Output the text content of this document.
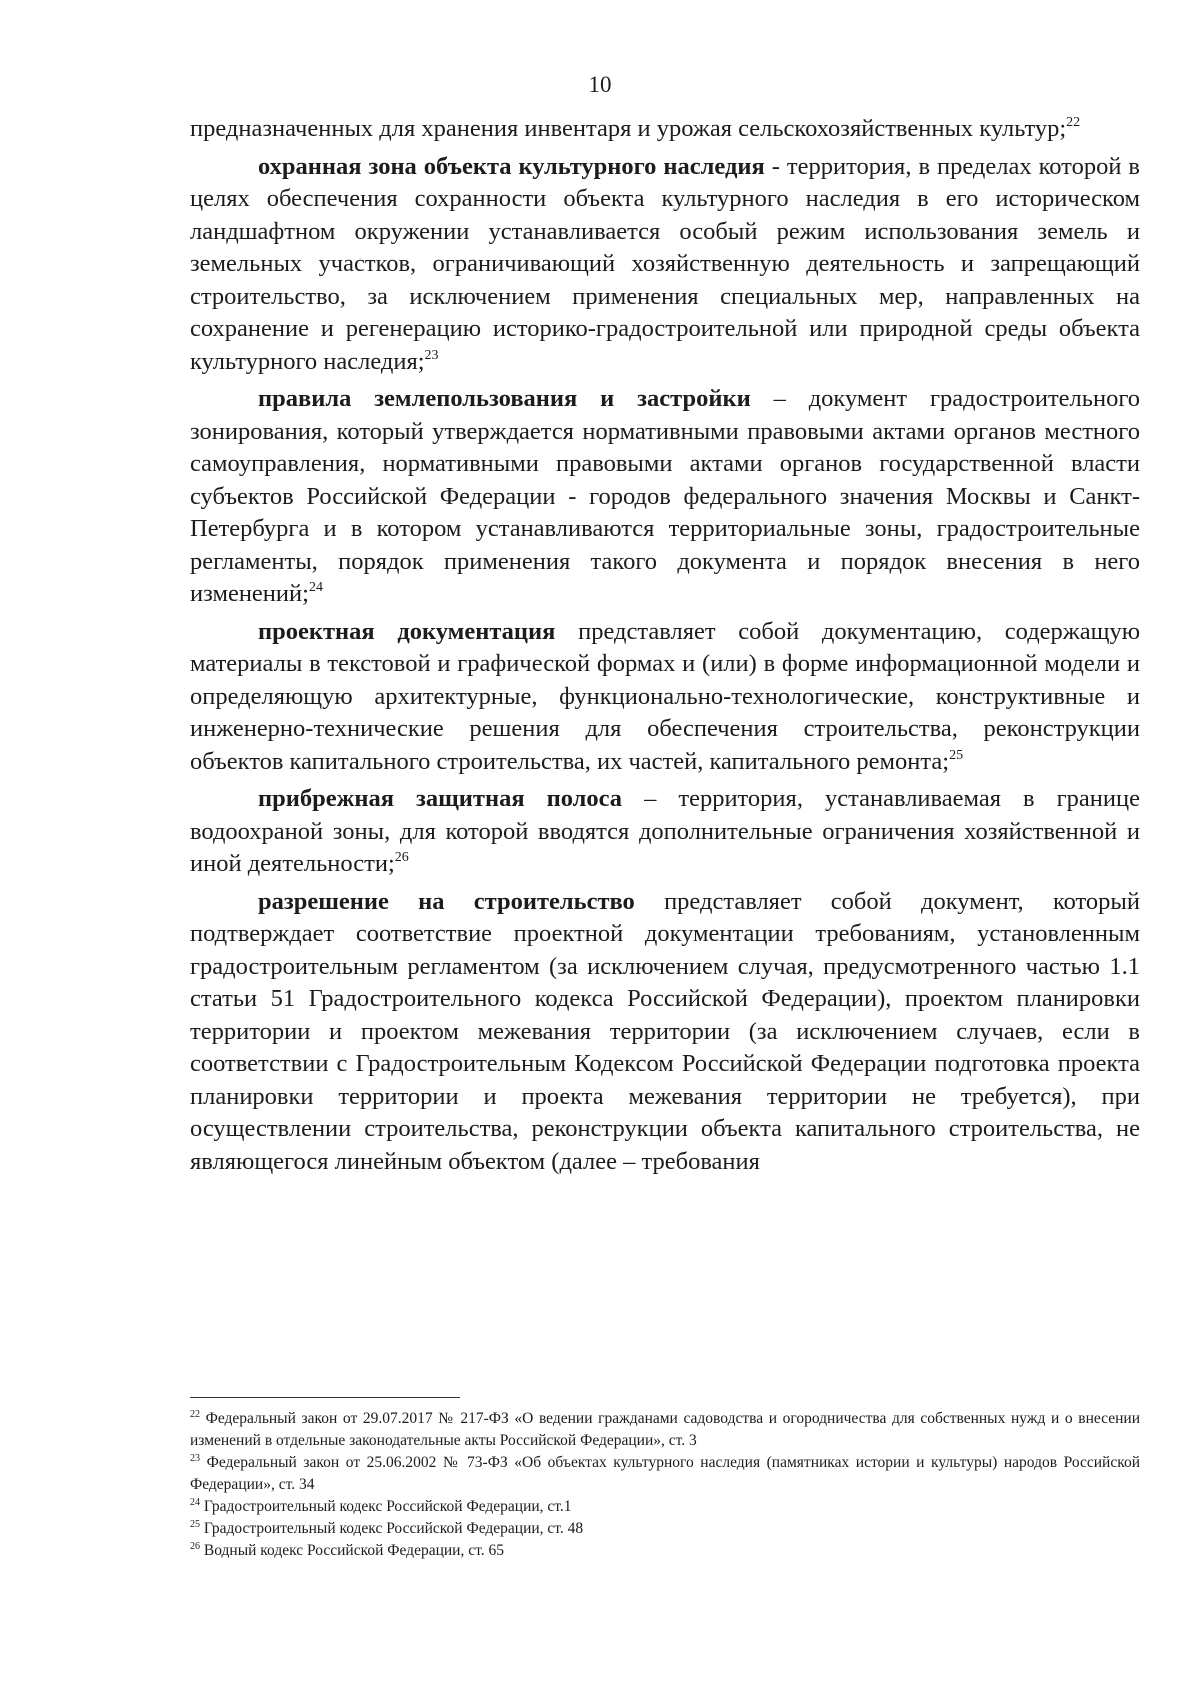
10

предназначенных для хранения инвентаря и урожая сельскохозяйственных культур;$^{22}$

охранная зона объекта культурного наследия - территория, в пределах которой в целях обеспечения сохранности объекта культурного наследия в его историческом ландшафтном окружении устанавливается особый режим использования земель и земельных участков, ограничивающий хозяйственную деятельность и запрещающий строительство, за исключением применения специальных мер, направленных на сохранение и регенерацию историко-градостроительной или природной среды объекта культурного наследия;$^{23}$

правила землепользования и застройки – документ градостроительного зонирования, который утверждается нормативными правовыми актами органов местного самоуправления, нормативными правовыми актами органов государственной власти субъектов Российской Федерации - городов федерального значения Москвы и Санкт-Петербурга и в котором устанавливаются территориальные зоны, градостроительные регламенты, порядок применения такого документа и порядок внесения в него изменений;$^{24}$

проектная документация представляет собой документацию, содержащую материалы в текстовой и графической формах и (или) в форме информационной модели и определяющую архитектурные, функционально-технологические, конструктивные и инженерно-технические решения для обеспечения строительства, реконструкции объектов капитального строительства, их частей, капитального ремонта;$^{25}$

прибрежная защитная полоса – территория, устанавливаемая в границе водоохраной зоны, для которой вводятся дополнительные ограничения хозяйственной и иной деятельности;$^{26}$

разрешение на строительство представляет собой документ, который подтверждает соответствие проектной документации требованиям, установленным градостроительным регламентом (за исключением случая, предусмотренного частью 1.1 статьи 51 Градостроительного кодекса Российской Федерации), проектом планировки территории и проектом межевания территории (за исключением случаев, если в соответствии с Градостроительным Кодексом Российской Федерации подготовка проекта планировки территории и проекта межевания территории не требуется), при осуществлении строительства, реконструкции объекта капитального строительства, не являющегося линейным объектом (далее – требования

$^{22}$ Федеральный закон от 29.07.2017 № 217-ФЗ «О ведении гражданами садоводства и огородничества для собственных нужд и о внесении изменений в отдельные законодательные акты Российской Федерации», ст. 3

$^{23}$ Федеральный закон от 25.06.2002 № 73-ФЗ «Об объектах культурного наследия (памятниках истории и культуры) народов Российской Федерации», ст. 34

$^{24}$ Градостроительный кодекс Российской Федерации, ст.1

$^{25}$ Градостроительный кодекс Российской Федерации, ст. 48

$^{26}$ Водный кодекс Российской Федерации, ст. 65
